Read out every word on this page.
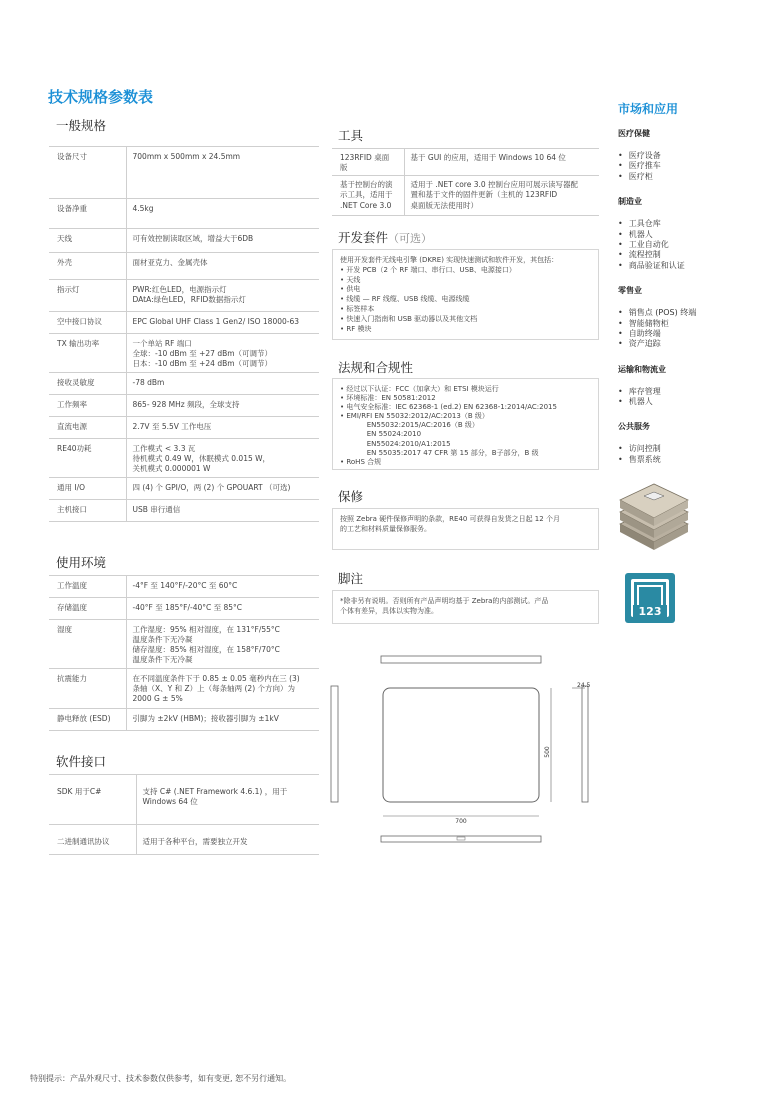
技术规格参数表
一般规格
设备尺寸	700mm x 500mm x 24.5mm
设备净重	4.5kg
天线	可有效控制读取区域，增益大于6DB
外壳	面材亚克力、金属壳体
指示灯	PWR:红色LED，电源指示灯
DAtA:绿色LED，RFID数据指示灯
空中接口协议	EPC Global UHF Class 1 Gen2/ ISO 18000-63
TX 输出功率	一个单站 RF 端口
全球：-10 dBm 至 +27 dBm（可调节）
日本：-10 dBm 至 +24 dBm（可调节）
接收灵敏度	-78 dBm
工作频率	865- 928 MHz 频段，全球支持
直流电源	2.7V 至 5.5V 工作电压
RE40功耗	工作模式 < 3.3 瓦
待机模式 0.49 W，休眠模式 0.015 W，
关机模式 0.000001 W
通用 I/O	四 (4) 个 GPI/O，两 (2) 个 GPOUART （可选)
主机接口	USB 串行通信
使用环境
工作温度	-4°F 至 140°F/-20°C 至 60°C
存储温度	-40°F 至 185°F/-40°C 至 85°C
湿度	工作湿度：95% 相对湿度，在 131°F/55°C
温度条件下无冷凝
储存湿度：85% 相对湿度，在 158°F/70°C
温度条件下无冷凝
抗震能力	在不同温度条件下于 0.85 ± 0.05 毫秒内在三 (3)
条轴（X、Y 和 Z）上（每条轴两 (2) 个方向）为
2000 G ± 5%
静电释放 (ESD)	引脚为 ±2kV (HBM)；接收器引脚为 ±1kV
软件接口
SDK 用于C#	支持 C# (.NET Framework 4.6.1) ，用于
Windows 64 位
二进制通讯协议	适用于各种平台，需要独立开发
工具
123RFID 桌面版	基于 GUI 的应用，适用于 Windows 10 64 位
基于控制台的演
示工具，适用于
.NET Core 3.0	适用于 .NET core 3.0 控制台应用可展示读写器配
置和基于文件的固件更新（主机的 123RFID
桌面版无法使用时）
开发套件（可选）
使用开发套件无线电引擎 (DKRE) 实现快速测试和软件开发，其包括：
• 开发 PCB（2 个 RF 端口、串行口、USB、电源接口）
• 天线
• 供电
• 线缆 — RF 线缆、USB 线缆、电源线缆
• 标签样本
• 快速入门指南和 USB 驱动器以及其他文档
• RF 模块
法规和合规性
• 经过以下认证：FCC（加拿大）和 ETSI 模块运行
• 环境标准：EN 50581:2012
• 电气安全标准：IEC 62368-1 (ed.2) EN 62368-1:2014/AC:2015
• EMI/RFI EN 55032:2012/AC:2013（B 级）
EN55032:2015/AC:2016（B 级）
EN 55024:2010
EN55024:2010/A1:2015
EN 55035:2017 47 CFR 第 15 部分，B子部分，B 级
• RoHS 合规
保修
按照 Zebra 硬件保修声明的条款，RE40 可获得自发货之日起 12 个月
的工艺和材料质量保修服务。
脚注
*除非另有说明。否则所有产品声明均基于 Zebra的内部测试。产品
个体有差异，具体以实物为准。
500
24.5
700
市场和应用
医疗保健
• 医疗设备
• 医疗推车
• 医疗柜
制造业
• 工具仓库
• 机器人
• 工业自动化
• 流程控制
• 商品验证和认证
零售业
• 销售点 (POS) 终端
• 智能储物柜
• 自助终端
• 资产追踪
运输和物流业
• 库存管理
• 机器人
公共服务
• 访问控制
• 售票系统
123
特别提示：产品外观尺寸、技术参数仅供参考，如有变更, 恕不另行通知。
